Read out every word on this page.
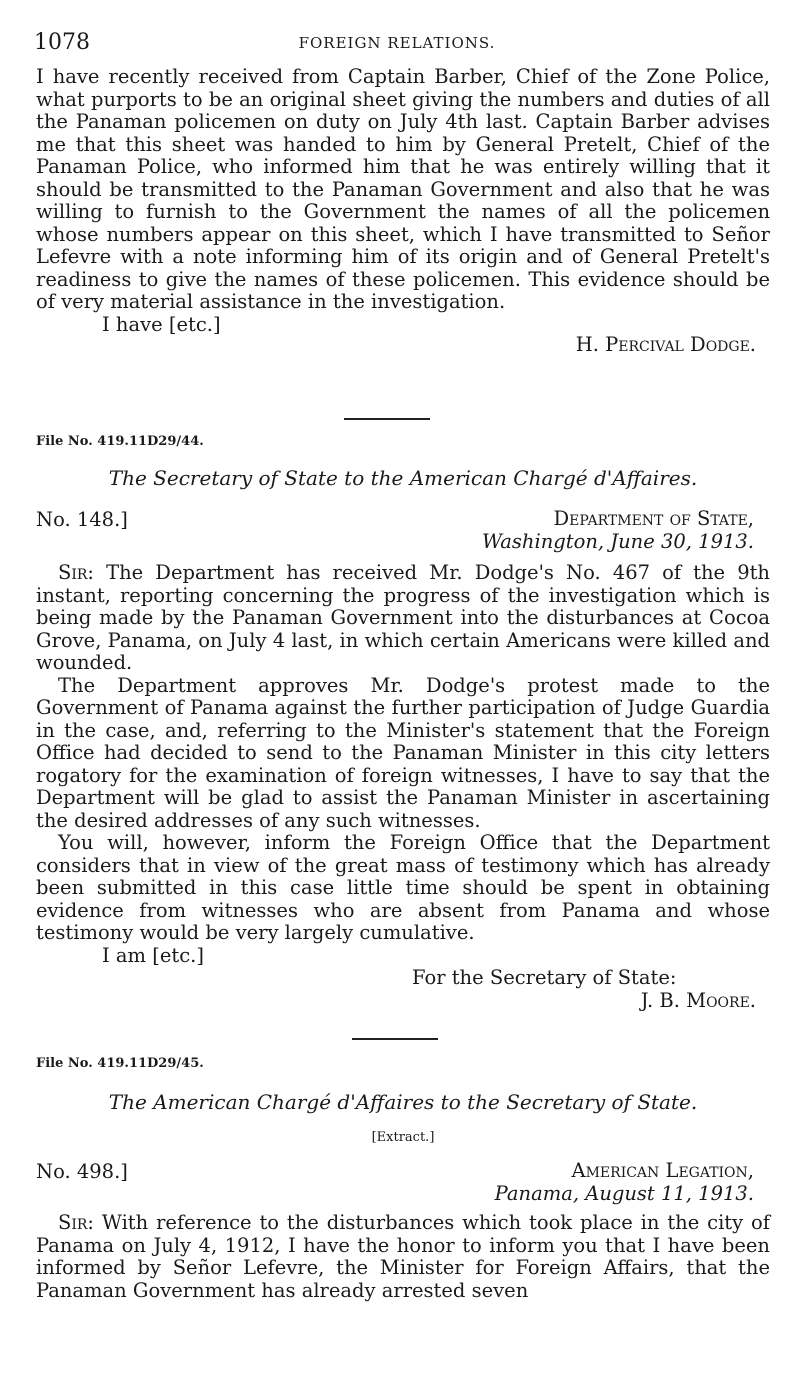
1078	FOREIGN RELATIONS.

I have recently received from Captain Barber, Chief of the Zone Police, what purports to be an original sheet giving the numbers and duties of all the Panaman policemen on duty on July 4th last. Captain Barber advises me that this sheet was handed to him by General Pretelt, Chief of the Panaman Police, who informed him that he was entirely willing that it should be transmitted to the Panaman Government and also that he was willing to furnish to the Government the names of all the policemen whose numbers appear on this sheet, which I have transmitted to Señor Lefevre with a note informing him of its origin and of General Pretelt's readiness to give the names of these policemen. This evidence should be of very material assistance in the investigation.

I have [etc.]
H. Percival Dodge.
File No. 419.11D29/44.
The Secretary of State to the American Chargé d'Affaires.
No. 148.]	Department of State,
Washington, June 30, 1913.

Sir: The Department has received Mr. Dodge's No. 467 of the 9th instant, reporting concerning the progress of the investigation which is being made by the Panaman Government into the disturbances at Cocoa Grove, Panama, on July 4 last, in which certain Americans were killed and wounded.

The Department approves Mr. Dodge's protest made to the Government of Panama against the further participation of Judge Guardia in the case, and, referring to the Minister's statement that the Foreign Office had decided to send to the Panaman Minister in this city letters rogatory for the examination of foreign witnesses, I have to say that the Department will be glad to assist the Panaman Minister in ascertaining the desired addresses of any such witnesses.

You will, however, inform the Foreign Office that the Department considers that in view of the great mass of testimony which has already been submitted in this case little time should be spent in obtaining evidence from witnesses who are absent from Panama and whose testimony would be very largely cumulative.

I am [etc.]
For the Secretary of State:
J. B. Moore.
File No. 419.11D29/45.
The American Chargé d'Affaires to the Secretary of State.
[Extract.]
No. 498.]	American Legation,
Panama, August 11, 1913.

Sir: With reference to the disturbances which took place in the city of Panama on July 4, 1912, I have the honor to inform you that I have been informed by Señor Lefevre, the Minister for Foreign Affairs, that the Panaman Government has already arrested seven
